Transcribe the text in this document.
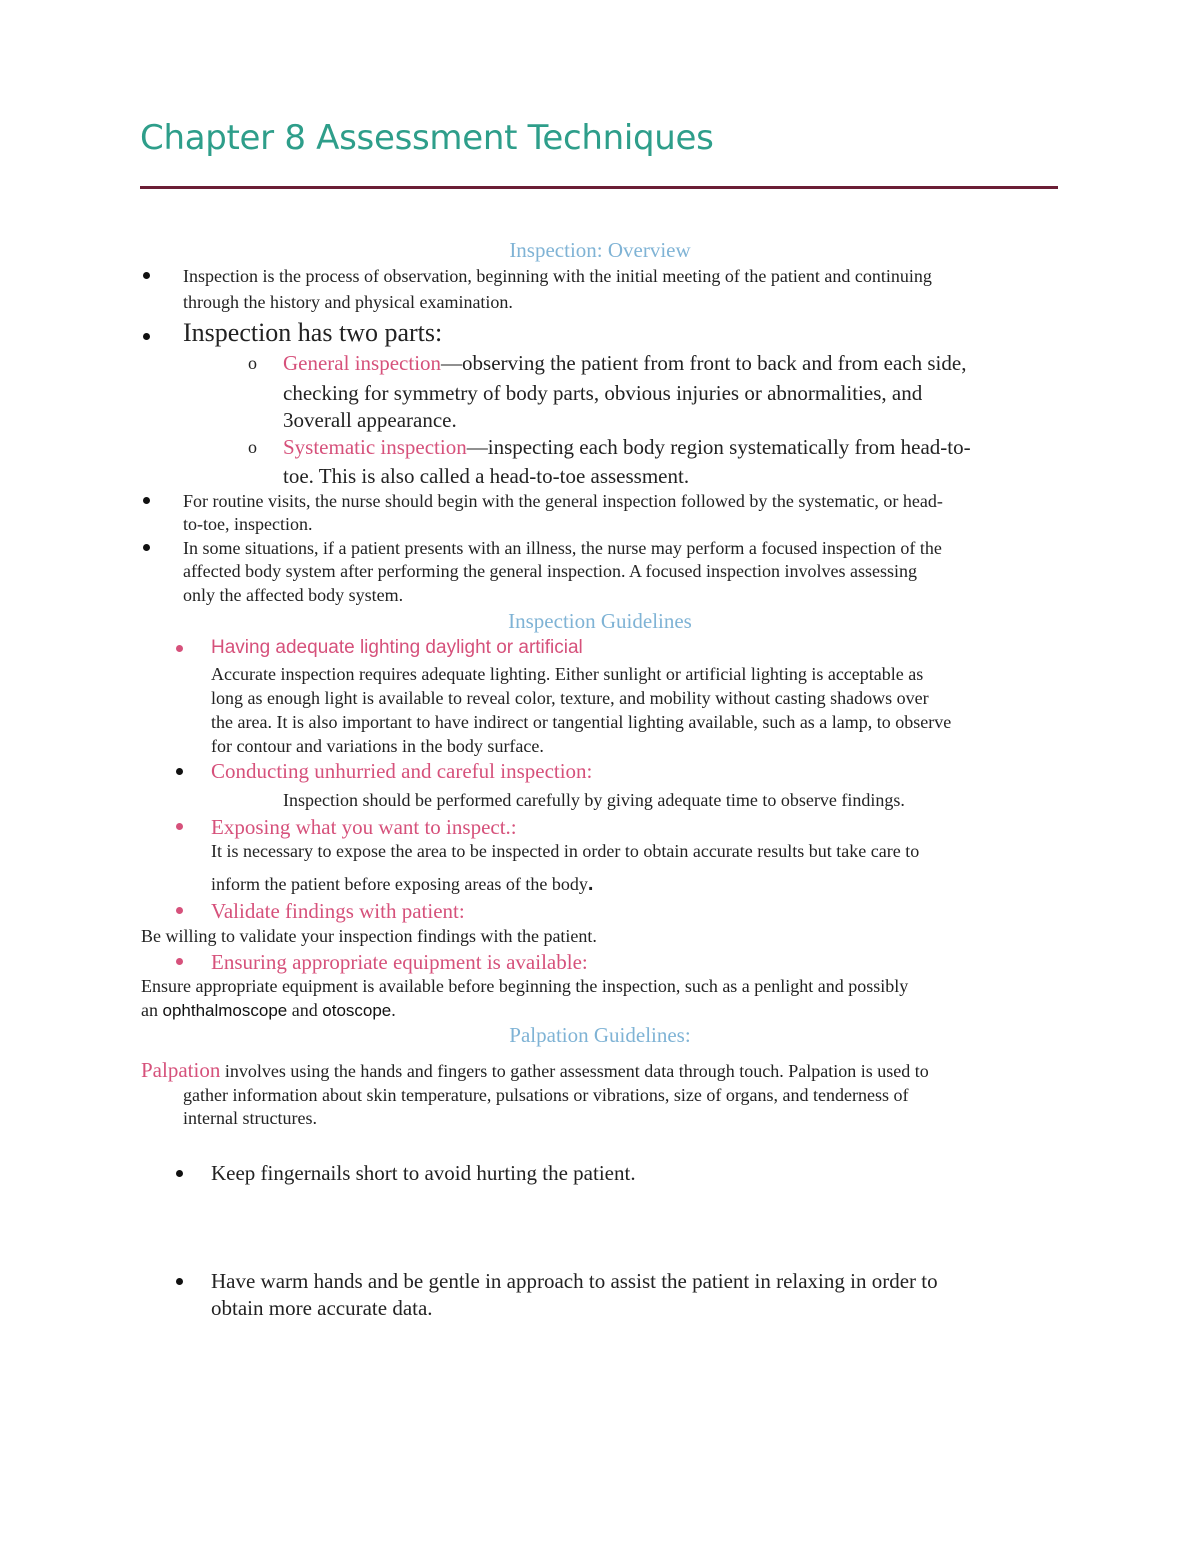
Chapter 8 Assessment Techniques
Inspection: Overview
Inspection is the process of observation, beginning with the initial meeting of the patient and continuing
through the history and physical examination.
Inspection has two parts:
o General inspection—observing the patient from front to back and from each side,
checking for symmetry of body parts, obvious injuries or abnormalities, and
3overall appearance.
o Systematic inspection—inspecting each body region systematically from head-to-
toe. This is also called a head-to-toe assessment.
For routine visits, the nurse should begin with the general inspection followed by the systematic, or head-
to-toe, inspection.
In some situations, if a patient presents with an illness, the nurse may perform a focused inspection of the
affected body system after performing the general inspection. A focused inspection involves assessing
only the affected body system.
Inspection Guidelines
Having adequate lighting daylight or artificial
Accurate inspection requires adequate lighting. Either sunlight or artificial lighting is acceptable as
long as enough light is available to reveal color, texture, and mobility without casting shadows over
the area. It is also important to have indirect or tangential lighting available, such as a lamp, to observe
for contour and variations in the body surface.
Conducting unhurried and careful inspection:
Inspection should be performed carefully by giving adequate time to observe findings.
Exposing what you want to inspect.:
It is necessary to expose the area to be inspected in order to obtain accurate results but take care to
inform the patient before exposing areas of the body.
Validate findings with patient:
Be willing to validate your inspection findings with the patient.
Ensuring appropriate equipment is available:
Ensure appropriate equipment is available before beginning the inspection, such as a penlight and possibly
an ophthalmoscope and otoscope.
Palpation Guidelines:
Palpation involves using the hands and fingers to gather assessment data through touch. Palpation is used to
gather information about skin temperature, pulsations or vibrations, size of organs, and tenderness of
internal structures.
Keep fingernails short to avoid hurting the patient.
Have warm hands and be gentle in approach to assist the patient in relaxing in order to
obtain more accurate data.
